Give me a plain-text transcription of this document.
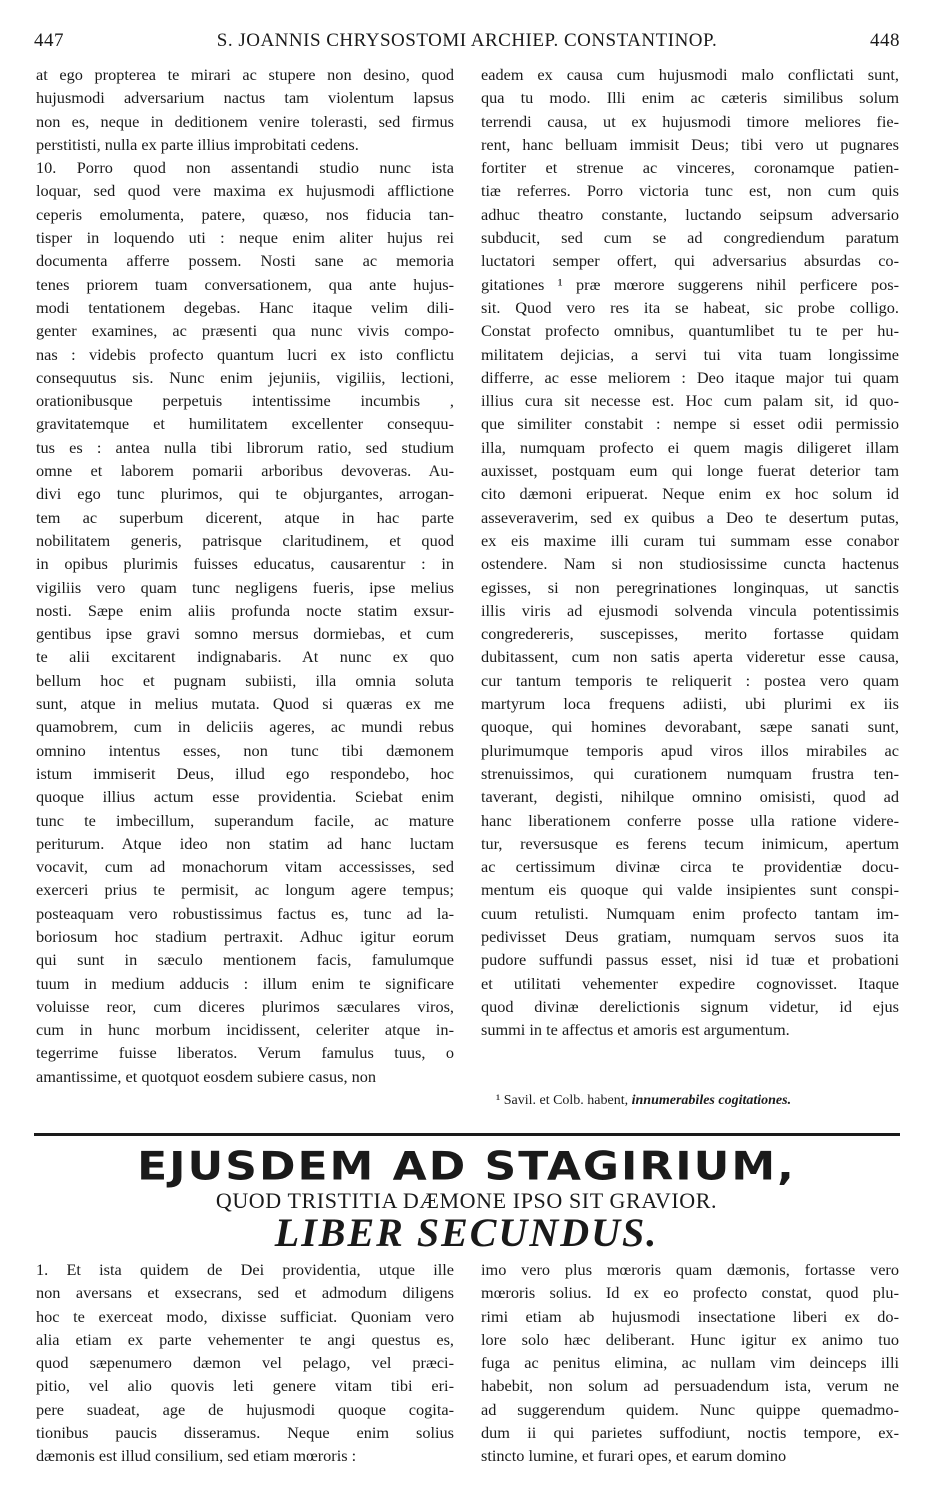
447	S. JOANNIS CHRYSOSTOMI ARCHIEP. CONSTANTINOP.	448
at ego propterea te mirari ac stupere non desino, quod
hujusmodi adversarium nactus tam violentum lapsus
non es, neque in deditionem venire tolerasti, sed firmus
perstitisti, nulla ex parte illius improbitati cedens.
10. Porro quod non assentandi studio nunc ista
loquar, sed quod vere maxima ex hujusmodi afflictione
ceperis emolumenta, patere, quæso, nos fiducia tan-
tisper in loquendo uti : neque enim aliter hujus rei
documenta afferre possem. Nosti sane ac memoria
tenes priorem tuam conversationem, qua ante hujus-
modi tentationem degebas. Hanc itaque velim dili-
genter examines, ac præsenti qua nunc vivis compo-
nas : videbis profecto quantum lucri ex isto conflictu
consequutus sis. Nunc enim jejuniis, vigiliis, lectioni,
orationibusque perpetuis intentissime incumbis ,
gravitatemque et humilitatem excellenter consequu-
tus es : antea nulla tibi librorum ratio, sed studium
omne et laborem pomarii arboribus devoveras. Au-
divi ego tunc plurimos, qui te objurgantes, arrogan-
tem ac superbum dicerent, atque in hac parte
nobilitatem generis, patrisque claritudinem, et quod
in opibus plurimis fuisses educatus, causarentur : in
vigiliis vero quam tunc negligens fueris, ipse melius
nosti. Sæpe enim aliis profunda nocte statim exsur-
gentibus ipse gravi somno mersus dormiebas, et cum
te alii excitarent indignabaris. At nunc ex quo
bellum hoc et pugnam subiisti, illa omnia soluta
sunt, atque in melius mutata. Quod si quæras ex me
quamobrem, cum in deliciis ageres, ac mundi rebus
omnino intentus esses, non tunc tibi dæmonem
istum immiserit Deus, illud ego respondebo, hoc
quoque illius actum esse providentia. Sciebat enim
tunc te imbecillum, superandum facile, ac mature
periturum. Atque ideo non statim ad hanc luctam
vocavit, cum ad monachorum vitam accessisses, sed
exerceri prius te permisit, ac longum agere tempus;
posteaquam vero robustissimus factus es, tunc ad la-
boriosum hoc stadium pertraxit. Adhuc igitur eorum
qui sunt in sæculo mentionem facis, famulumque
tuum in medium adducis : illum enim te significare
voluisse reor, cum diceres plurimos sæculares viros,
cum in hunc morbum incidissent, celeriter atque in-
tegerrime fuisse liberatos. Verum famulus tuus, o
amantissime, et quotquot eosdem subiere casus, non
eadem ex causa cum hujusmodi malo conflictati sunt,
qua tu modo. Illi enim ac cæteris similibus solum
terrendi causa, ut ex hujusmodi timore meliores fie-
rent, hanc belluam immisit Deus; tibi vero ut pugnares
fortiter et strenue ac vinceres, coronamque patien-
tiæ referres. Porro victoria tunc est, non cum quis
adhuc theatro constante, luctando seipsum adversario
subducit, sed cum se ad congrediendum paratum
luctatori semper offert, qui adversarius absurdas co-
gitationes ¹ præ mœrore suggerens nihil perficere pos-
sit. Quod vero res ita se habeat, sic probe colligo.
Constat profecto omnibus, quantumlibet tu te per hu-
militatem dejicias, a servi tui vita tuam longissime
differre, ac esse meliorem : Deo itaque major tui quam
illius cura sit necesse est. Hoc cum palam sit, id quo-
que similiter constabit : nempe si esset odii permissio
illa, numquam profecto ei quem magis diligeret illam
auxisset, postquam eum qui longe fuerat deterior tam
cito dæmoni eripuerat. Neque enim ex hoc solum id
asseveraverim, sed ex quibus a Deo te desertum putas,
ex eis maxime illi curam tui summam esse conabor
ostendere. Nam si non studiosissime cuncta hactenus
egisses, si non peregrinationes longinquas, ut sanctis
illis viris ad ejusmodi solvenda vincula potentissimis
congredereris, suscepisses, merito fortasse quidam
dubitassent, cum non satis aperta videretur esse causa,
cur tantum temporis te reliquerit : postea vero quam
martyrum loca frequens adiisti, ubi plurimi ex iis
quoque, qui homines devorabant, sæpe sanati sunt,
plurimumque temporis apud viros illos mirabiles ac
strenuissimos, qui curationem numquam frustra ten-
taverant, degisti, nihilque omnino omisisti, quod ad
hanc liberationem conferre posse ulla ratione videre-
tur, reversusque es ferens tecum inimicum, apertum
ac certissimum divinæ circa te providentiæ docu-
mentum eis quoque qui valde insipientes sunt conspi-
cuum retulisti. Numquam enim profecto tantam im-
pedivisset Deus gratiam, numquam servos suos ita
pudore suffundi passus esset, nisi id tuæ et probationi
et utilitati vehementer expedire cognovisset. Itaque
quod divinæ derelictionis signum videtur, id ejus
summi in te affectus et amoris est argumentum.
¹ Savil. et Colb. habent, innumerabiles cogitationes.
EJUSDEM AD STAGIRIUM,
QUOD TRISTITIA DÆMONE IPSO SIT GRAVIOR.
LIBER SECUNDUS.
1. Et ista quidem de Dei providentia, utque ille
non aversans et exsecrans, sed et admodum diligens
hoc te exerceat modo, dixisse sufficiat. Quoniam vero
alia etiam ex parte vehementer te angi questus es,
quod sæpenumero dæmon vel pelago, vel præci-
pitio, vel alio quovis leti genere vitam tibi eri-
pere suadeat, age de hujusmodi quoque cogita-
tionibus paucis disseramus. Neque enim solius
dæmonis est illud consilium, sed etiam mœroris :
imo vero plus mœroris quam dæmonis, fortasse vero
mœroris solius. Id ex eo profecto constat, quod plu-
rimi etiam ab hujusmodi insectatione liberi ex do-
lore solo hæc deliberant. Hunc igitur ex animo tuo
fuga ac penitus elimina, ac nullam vim deinceps illi
habebit, non solum ad persuadendum ista, verum ne
ad suggerendum quidem. Nunc quippe quemadmo-
dum ii qui parietes suffodiunt, noctis tempore, ex-
stincto lumine, et furari opes, et earum domino
